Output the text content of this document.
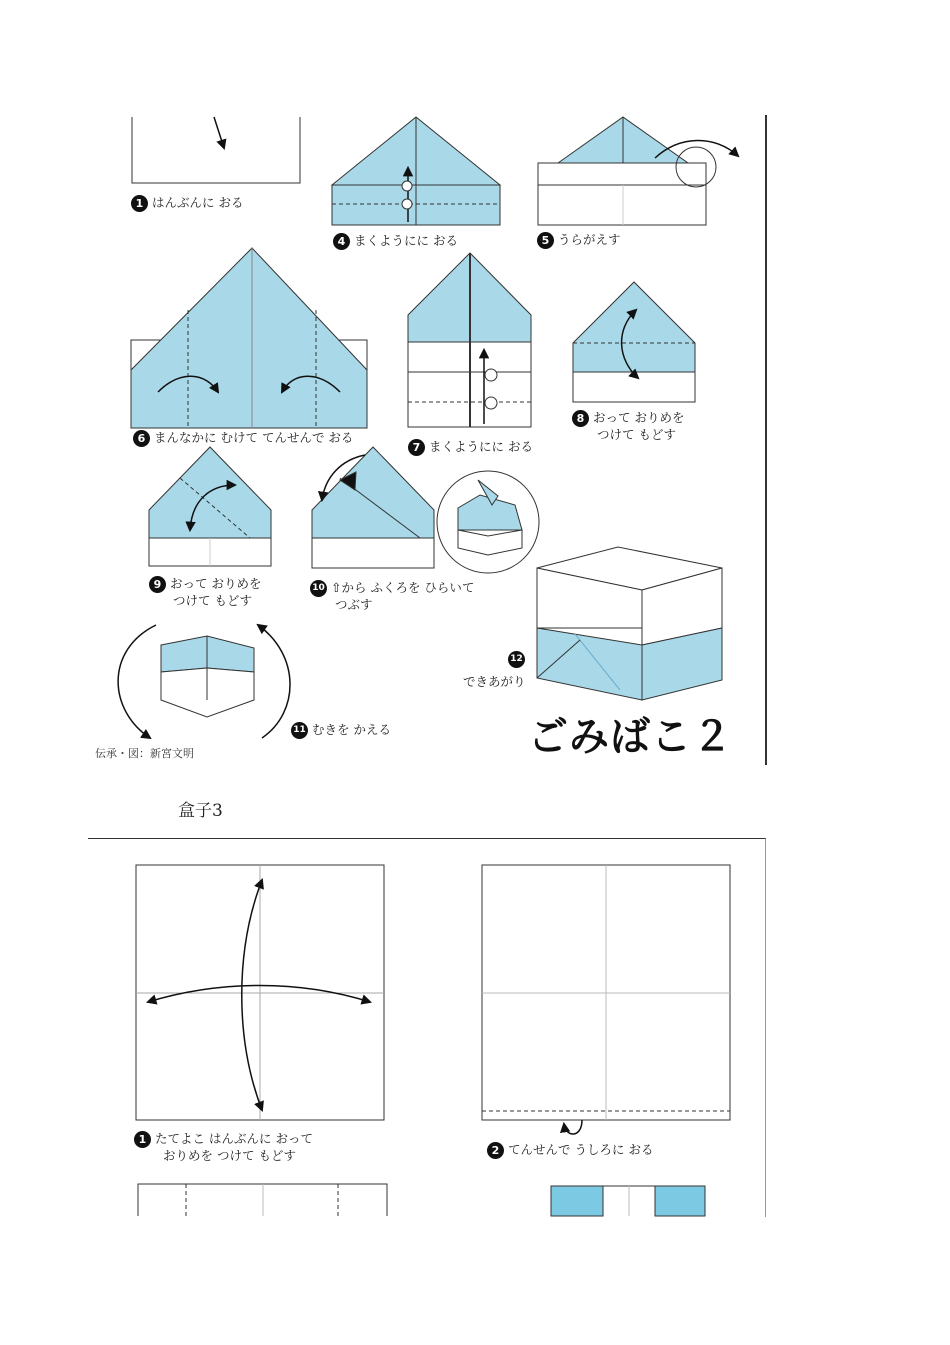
1 はんぶんに おる
4 まくようにに おる	5 うらがえす
6 まんなかに むけて てんせんで おる
7 まくようにに おる
8 おって おりめを
つけて もどす
9 おって おりめを
つけて もどす
10 ⇧から ふくろを ひらいて
つぶす
11 むきを かえる
12
できあがり
ごみばこ２
伝承・図：新宮文明
盒子3
1 たてよこ はんぶんに おって
おりめを つけて もどす	2 てんせんで うしろに おる
